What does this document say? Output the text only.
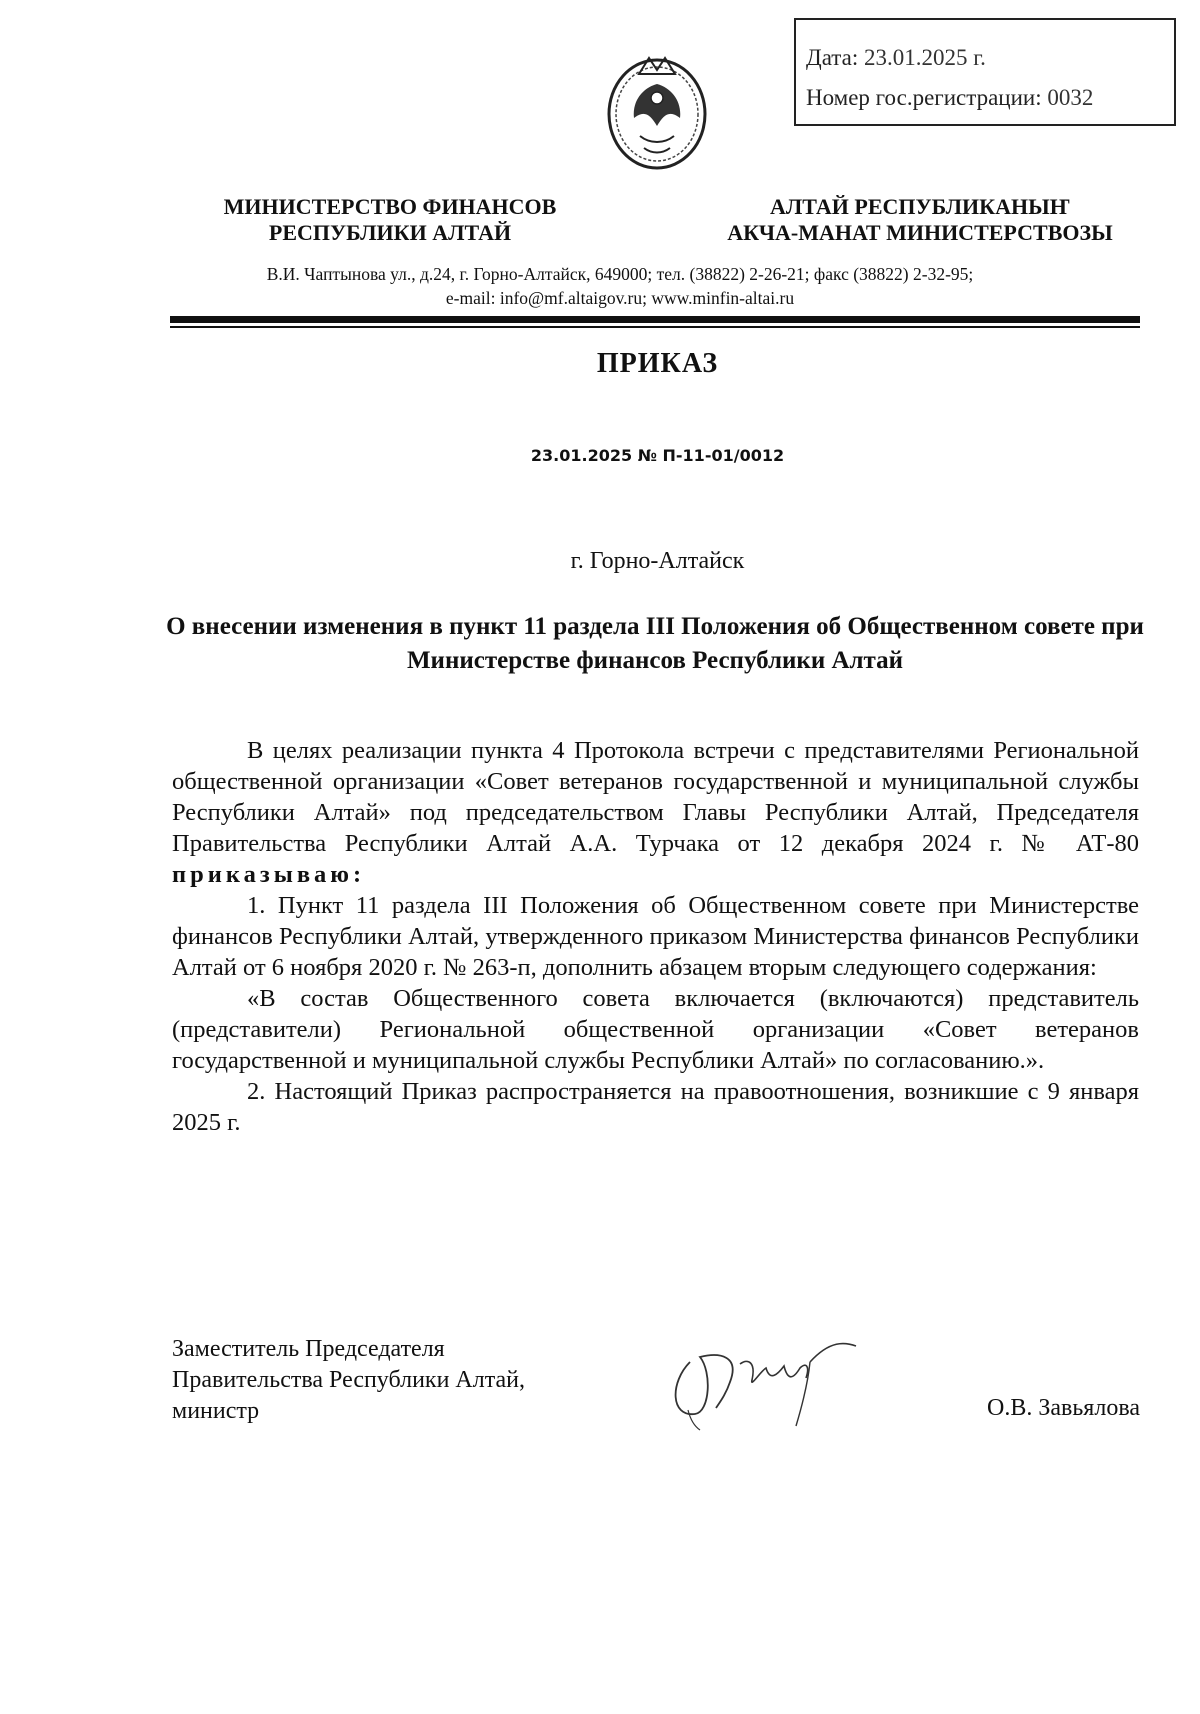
Дата: 23.01.2025 г.
Номер гос.регистрации: 0032
МИНИСТЕРСТВО ФИНАНСОВ
РЕСПУБЛИКИ АЛТАЙ
АЛТАЙ РЕСПУБЛИКАНЫҤ
АКЧА-МАНАТ МИНИСТЕРСТВОЗЫ
В.И. Чаптынова ул., д.24, г. Горно-Алтайск, 649000; тел. (38822) 2-26-21; факс (38822) 2-32-95;
e-mail: info@mf.altaigov.ru; www.minfin-altai.ru
ПРИКАЗ
23.01.2025 № П-11-01/0012
г. Горно-Алтайск
О внесении изменения в пункт 11 раздела III Положения об Общественном совете при Министерстве финансов Республики Алтай

В целях реализации пункта 4 Протокола встречи с представителями Региональной общественной организации «Совет ветеранов государственной и муниципальной службы Республики Алтай» под председательством Главы Республики Алтай, Председателя Правительства Республики Алтай А.А. Турчака от 12 декабря 2024 г. № АТ-80 приказываю:

1. Пункт 11 раздела III Положения об Общественном совете при Министерстве финансов Республики Алтай, утвержденного приказом Министерства финансов Республики Алтай от 6 ноября 2020 г. № 263-п, дополнить абзацем вторым следующего содержания:

«В состав Общественного совета включается (включаются) представитель (представители) Региональной общественной организации «Совет ветеранов государственной и муниципальной службы Республики Алтай» по согласованию.».

2. Настоящий Приказ распространяется на правоотношения, возникшие с 9 января 2025 г.

Заместитель Председателя
Правительства Республики Алтай,
министр	О.В. Завьялова
